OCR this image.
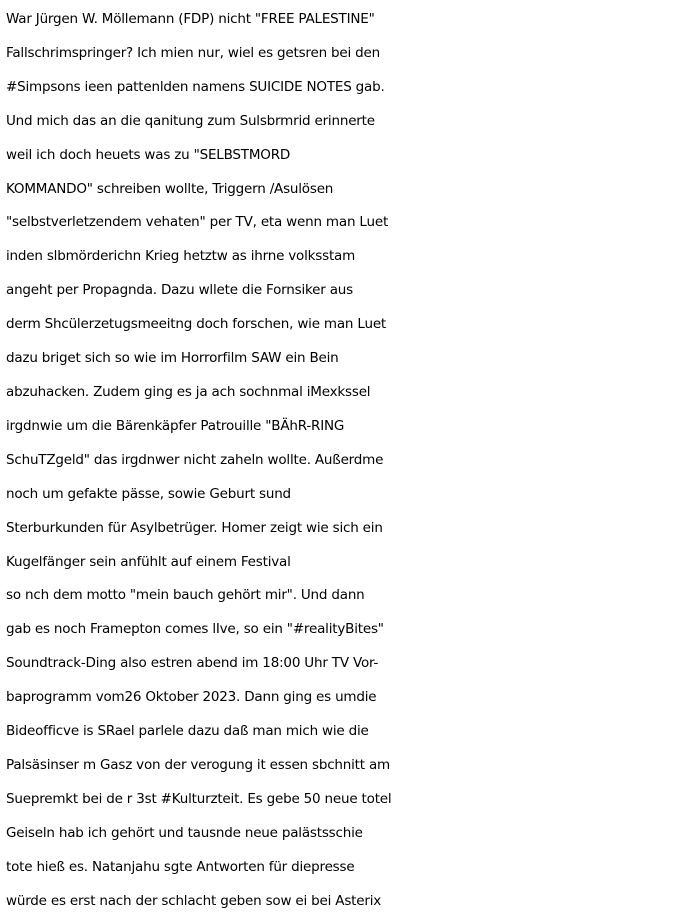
War Jürgen W. Möllemann (FDP) nicht "FREE PALESTINE"
Fallschrimspringer? Ich mien nur, wiel es getsren bei den
#Simpsons ieen pattenlden namens SUICIDE NOTES gab.
Und mich das an die qanitung zum Sulsbrmrid erinnerte
weil ich doch heuets was zu "SELBSTMORD
KOMMANDO" schreiben wollte, Triggern /Asulösen
"selbstverletzendem vehaten" per TV, eta wenn man Luet
inden slbmörderichn Krieg hetztw as ihrne volksstam
angeht per Propagnda. Dazu wllete die Fornsiker aus
derm Shcülerzetugsmeeitng doch forschen, wie man Luet
dazu briget sich so wie im Horrorfilm SAW ein Bein
abzuhacken. Zudem ging es ja ach sochnmal iMexkssel
irgdnwie um die Bärenkäpfer Patrouille "BÄhR-RING
SchuTZgeld" das irgdnwer nicht zaheln wollte. Außerdme
noch um gefakte pässe, sowie Geburt sund
Sterburkunden für Asylbetrüger. Homer zeigt wie sich ein
Kugelfänger sein anfühlt auf einem Festival
so nch dem motto "mein bauch gehört mir". Und dann
gab es noch Framepton comes lIve, so ein "#realityBites"
Soundtrack-Ding also estren abend im 18:00 Uhr TV Vor-
baprogramm vom26 Oktober 2023. Dann ging es umdie
Bideofficve is SRael parlele dazu daß man mich wie die
Palsäsinser m Gasz von der verogung it essen sbchnitt am
Suepremkt bei de r 3st #Kulturzteit. Es gebe 50 neue totel
Geiseln hab ich gehört und tausnde neue palästsschie
tote hieß es. Natanjahu sgte Antworten für diepresse
würde es erst nach der schlacht geben sow ei bei Asterix
